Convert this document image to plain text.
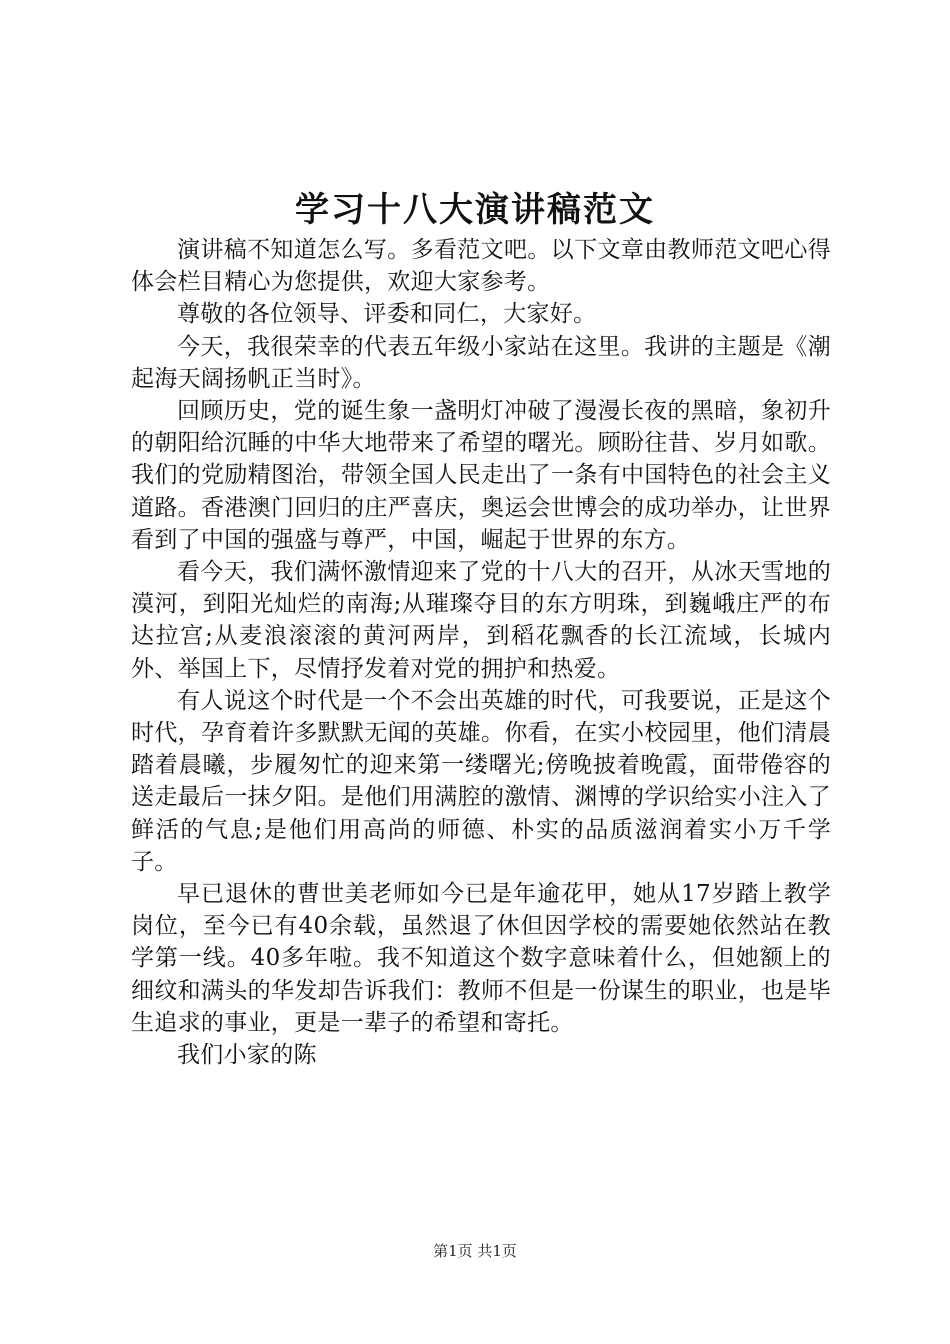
学习十八大演讲稿范文

演讲稿不知道怎么写。多看范文吧。以下文章由教师范文吧心得体会栏目精心为您提供，欢迎大家参考。

尊敬的各位领导、评委和同仁，大家好。

今天，我很荣幸的代表五年级小家站在这里。我讲的主题是《潮起海天阔扬帆正当时》。

回顾历史，党的诞生象一盏明灯冲破了漫漫长夜的黑暗，象初升的朝阳给沉睡的中华大地带来了希望的曙光。顾盼往昔、岁月如歌。我们的党励精图治，带领全国人民走出了一条有中国特色的社会主义道路。香港澳门回归的庄严喜庆，奥运会世博会的成功举办，让世界看到了中国的强盛与尊严，中国，崛起于世界的东方。

看今天，我们满怀激情迎来了党的十八大的召开，从冰天雪地的漠河，到阳光灿烂的南海;从璀璨夺目的东方明珠，到巍峨庄严的布达拉宫;从麦浪滚滚的黄河两岸，到稻花飘香的长江流域，长城内外、举国上下，尽情抒发着对党的拥护和热爱。

有人说这个时代是一个不会出英雄的时代，可我要说，正是这个时代，孕育着许多默默无闻的英雄。你看，在实小校园里，他们清晨踏着晨曦，步履匆忙的迎来第一缕曙光;傍晚披着晚霞，面带倦容的送走最后一抹夕阳。是他们用满腔的激情、渊博的学识给实小注入了鲜活的气息;是他们用高尚的师德、朴实的品质滋润着实小万千学子。

早已退休的曹世美老师如今已是年逾花甲，她从17岁踏上教学岗位，至今已有40余载，虽然退了休但因学校的需要她依然站在教学第一线。40多年啦。我不知道这个数字意味着什么，但她额上的细纹和满头的华发却告诉我们：教师不但是一份谋生的职业，也是毕生追求的事业，更是一辈子的希望和寄托。

我们小家的陈

第1页 共1页
